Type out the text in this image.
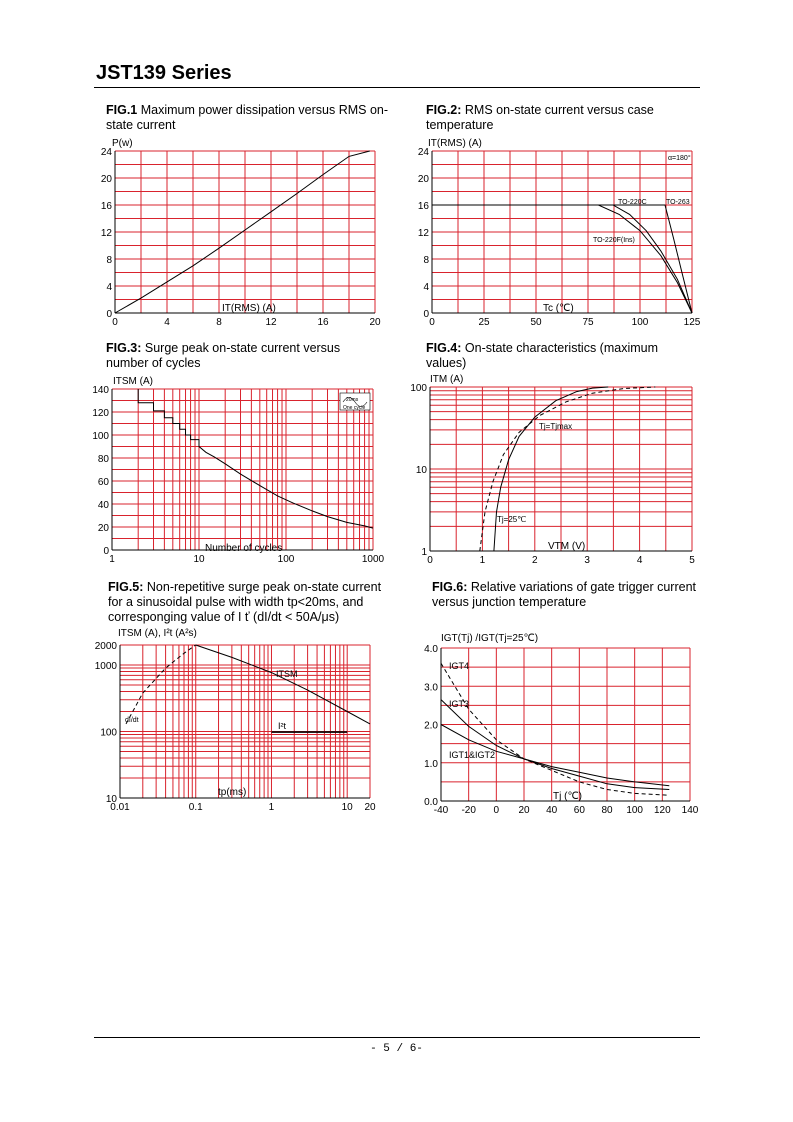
JST139 Series
FIG.1 Maximum power dissipation versus RMS on-state current
FIG.2: RMS on-state current versus case temperature
FIG.3: Surge peak on-state current versus number of cycles
FIG.4: On-state characteristics (maximum values)
FIG.5: Non-repetitive surge peak on-state current for a sinusoidal pulse with width tp<20ms, and corresponging value of I ť (dI/dt < 50A/μs)
FIG.6: Relative variations of gate trigger current versus junction temperature
0	4	8	12	16	20
0
4
8
12
16
20
24
P(w)
IT(RMS) (A)
0	25	50	75	100	125
0
4
8
12
16
20
24
IT(RMS) (A)
Tc (℃)
1	10	100	1000
0
20
40
60
80
100
120
140
ITSM (A)
Number of cycles
0	1	2	3	4	5
1
10
100
ITM (A)
VTM (V)
0.01	0.1	1	10 20
10
100
1000
2000
ITSM (A), I²t (A²s)
tp(ms)
-40 -20 0 20 40 60 80 100 120 140
0.0
1.0
2.0
3.0
4.0
IGT(Tj) /IGT(Tj=25℃)
Tj (℃)
α=180°
TO-220C	TO-263
TO-220F(Ins)
20ms
One cycle
Tj=Tjmax
Tj=25℃
ITSM
I²t
dI/dt
IGT4
IGT3
IGT1&IGT2
- 5 / 6-
